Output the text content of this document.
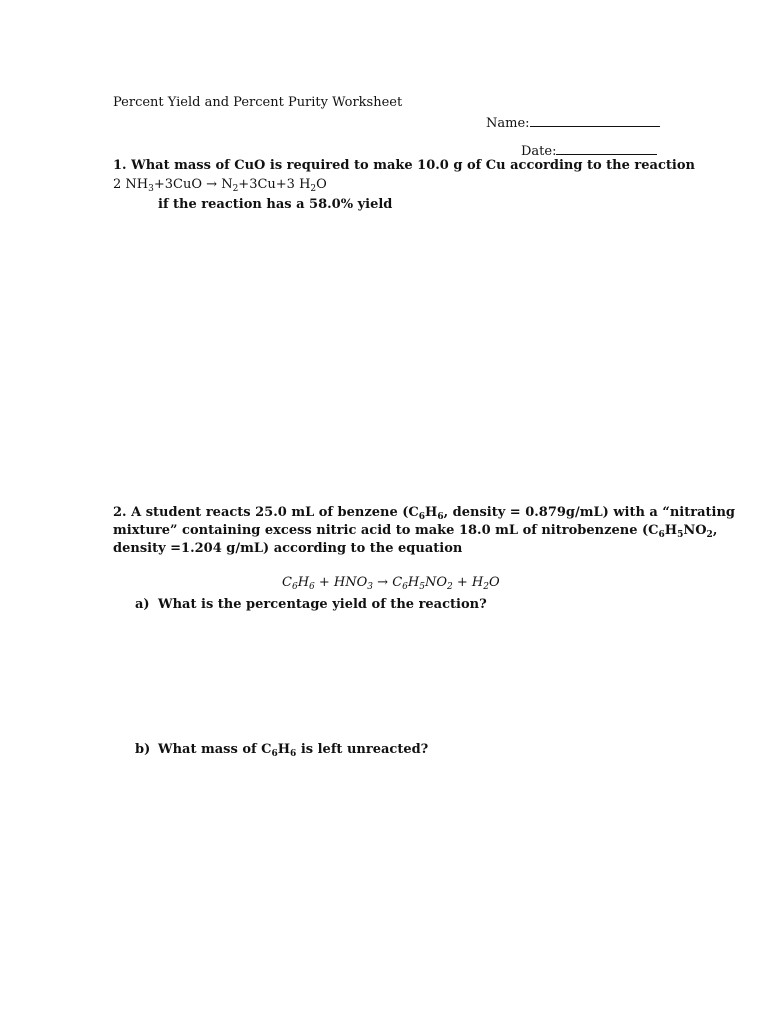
Percent Yield and Percent Purity Worksheet
Name:
Date:
1. What mass of CuO is required to make 10.0 g of Cu according to the reaction
2 $NH_3+3CuO \to N_2+3Cu+3$ $H_2O$
if the reaction has a 58.0% yield
2. A student reacts 25.0 mL of benzene ($C_6H_6$, density = 0.879g/mL) with a “nitrating
mixture” containing excess nitric acid to make 18.0 mL of nitrobenzene ($C_6H_5NO_2$,
density =1.204 g/mL) according to the equation
$C_6H_6 + HNO_3 \to C_6H_5NO_2 + H_2O$
a) What is the percentage yield of the reaction?
b) What mass of $C_6H_6$ is left unreacted?
